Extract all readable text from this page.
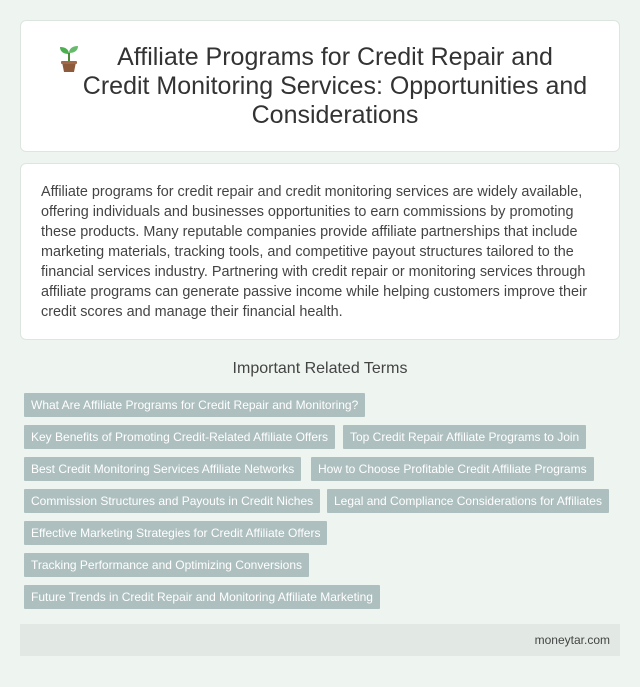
Affiliate Programs for Credit Repair and Credit Monitoring Services: Opportunities and Considerations

Affiliate programs for credit repair and credit monitoring services are widely available, offering individuals and businesses opportunities to earn commissions by promoting these products. Many reputable companies provide affiliate partnerships that include marketing materials, tracking tools, and competitive payout structures tailored to the financial services industry. Partnering with credit repair or monitoring services through affiliate programs can generate passive income while helping customers improve their credit scores and manage their financial health.

Important Related Terms
What Are Affiliate Programs for Credit Repair and Monitoring?
Key Benefits of Promoting Credit-Related Affiliate Offers	Top Credit Repair Affiliate Programs to Join
Best Credit Monitoring Services Affiliate Networks	How to Choose Profitable Credit Affiliate Programs
Commission Structures and Payouts in Credit Niches	Legal and Compliance Considerations for Affiliates
Effective Marketing Strategies for Credit Affiliate Offers
Tracking Performance and Optimizing Conversions
Future Trends in Credit Repair and Monitoring Affiliate Marketing
moneytar.com
